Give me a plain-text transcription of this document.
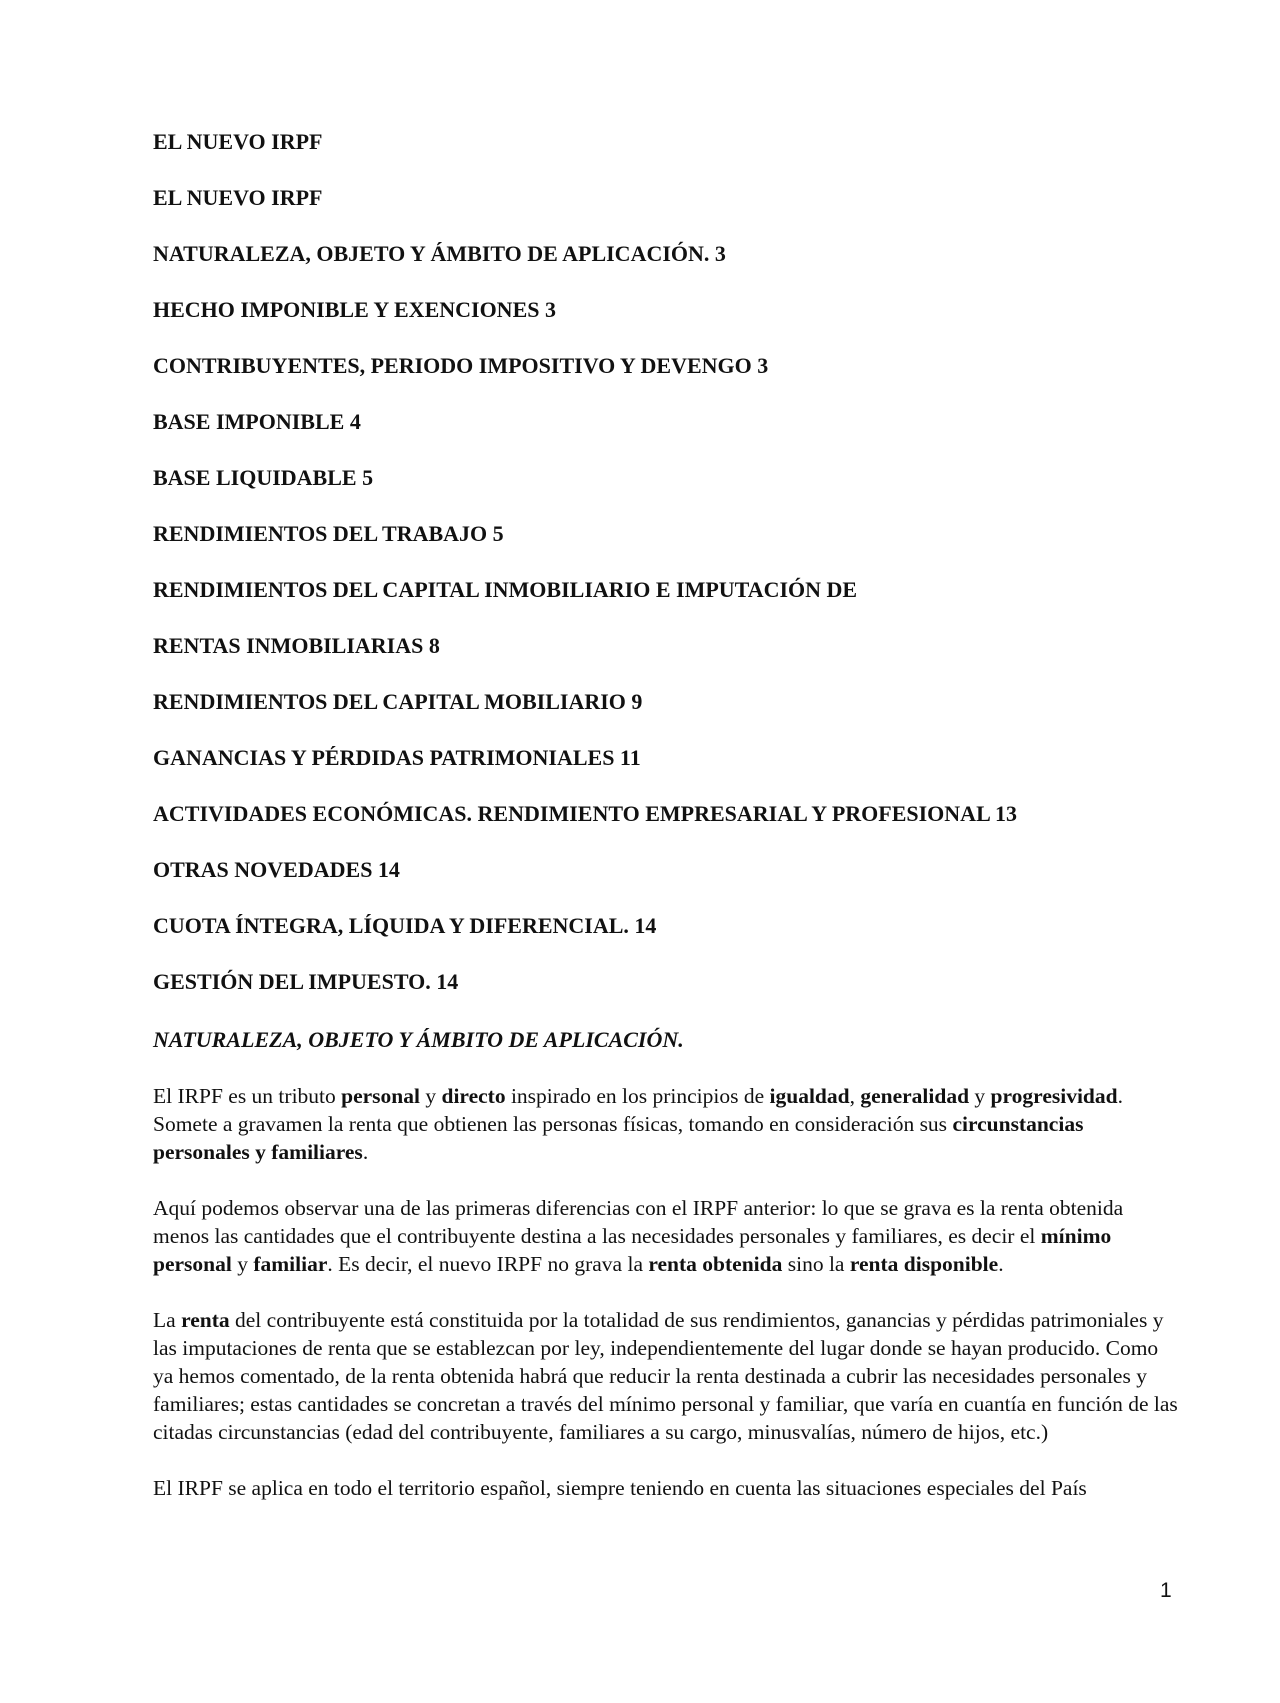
EL NUEVO IRPF
EL NUEVO IRPF
NATURALEZA, OBJETO Y ÁMBITO DE APLICACIÓN. 3
HECHO IMPONIBLE Y EXENCIONES 3
CONTRIBUYENTES, PERIODO IMPOSITIVO Y DEVENGO 3
BASE IMPONIBLE 4
BASE LIQUIDABLE 5
RENDIMIENTOS DEL TRABAJO 5
RENDIMIENTOS DEL CAPITAL INMOBILIARIO E IMPUTACIÓN DE
RENTAS INMOBILIARIAS 8
RENDIMIENTOS DEL CAPITAL MOBILIARIO 9
GANANCIAS Y PÉRDIDAS PATRIMONIALES 11
ACTIVIDADES ECONÓMICAS. RENDIMIENTO EMPRESARIAL Y PROFESIONAL 13
OTRAS NOVEDADES 14
CUOTA ÍNTEGRA, LÍQUIDA Y DIFERENCIAL. 14
GESTIÓN DEL IMPUESTO. 14
NATURALEZA, OBJETO Y ÁMBITO DE APLICACIÓN.

El IRPF es un tributo personal y directo inspirado en los principios de igualdad, generalidad y progresividad. Somete a gravamen la renta que obtienen las personas físicas, tomando en consideración sus circunstancias personales y familiares.

Aquí podemos observar una de las primeras diferencias con el IRPF anterior: lo que se grava es la renta obtenida menos las cantidades que el contribuyente destina a las necesidades personales y familiares, es decir el mínimo personal y familiar. Es decir, el nuevo IRPF no grava la renta obtenida sino la renta disponible.

La renta del contribuyente está constituida por la totalidad de sus rendimientos, ganancias y pérdidas patrimoniales y las imputaciones de renta que se establezcan por ley, independientemente del lugar donde se hayan producido. Como ya hemos comentado, de la renta obtenida habrá que reducir la renta destinada a cubrir las necesidades personales y familiares; estas cantidades se concretan a través del mínimo personal y familiar, que varía en cuantía en función de las citadas circunstancias (edad del contribuyente, familiares a su cargo, minusvalías, número de hijos, etc.)

El IRPF se aplica en todo el territorio español, siempre teniendo en cuenta las situaciones especiales del País

1
